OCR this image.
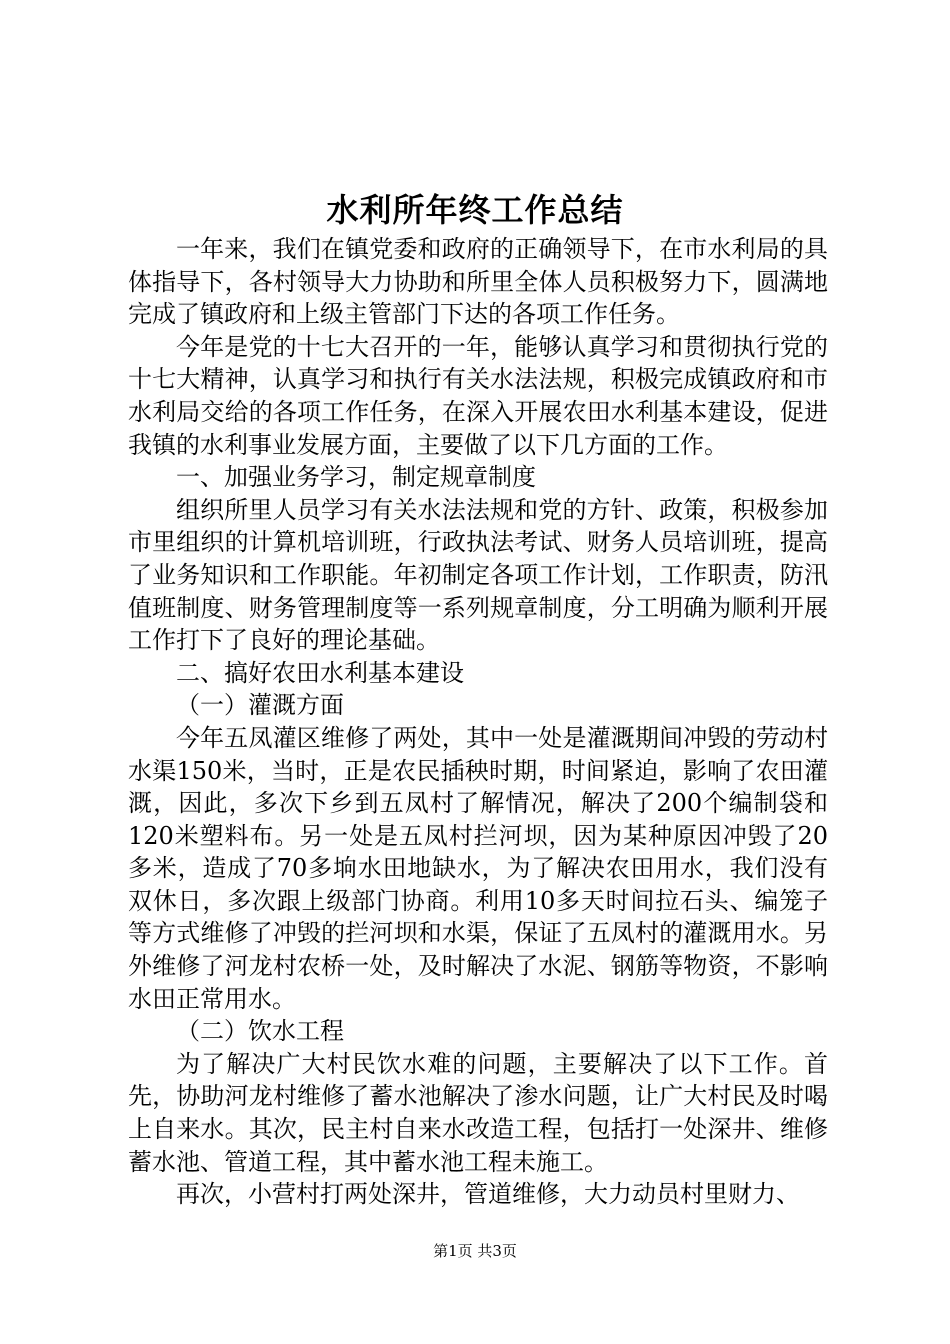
水利所年终工作总结

一年来，我们在镇党委和政府的正确领导下，在市水利局的具体指导下，各村领导大力协助和所里全体人员积极努力下，圆满地完成了镇政府和上级主管部门下达的各项工作任务。

今年是党的十七大召开的一年，能够认真学习和贯彻执行党的十七大精神，认真学习和执行有关水法法规，积极完成镇政府和市水利局交给的各项工作任务，在深入开展农田水利基本建设，促进我镇的水利事业发展方面，主要做了以下几方面的工作。

一、加强业务学习，制定规章制度

组织所里人员学习有关水法法规和党的方针、政策，积极参加市里组织的计算机培训班，行政执法考试、财务人员培训班，提高了业务知识和工作职能。年初制定各项工作计划，工作职责，防汛值班制度、财务管理制度等一系列规章制度，分工明确为顺利开展工作打下了良好的理论基础。

二、搞好农田水利基本建设

（一）灌溉方面

今年五凤灌区维修了两处，其中一处是灌溉期间冲毁的劳动村水渠150米，当时，正是农民插秧时期，时间紧迫，影响了农田灌溉，因此，多次下乡到五凤村了解情况，解决了200个编制袋和120米塑料布。另一处是五凤村拦河坝，因为某种原因冲毁了20多米，造成了70多垧水田地缺水，为了解决农田用水，我们没有双休日，多次跟上级部门协商。利用10多天时间拉石头、编笼子等方式维修了冲毁的拦河坝和水渠，保证了五凤村的灌溉用水。另外维修了河龙村农桥一处，及时解决了水泥、钢筋等物资，不影响水田正常用水。

（二）饮水工程

为了解决广大村民饮水难的问题，主要解决了以下工作。首先，协助河龙村维修了蓄水池解决了渗水问题，让广大村民及时喝上自来水。其次，民主村自来水改造工程，包括打一处深井、维修蓄水池、管道工程，其中蓄水池工程未施工。

再次，小营村打两处深井，管道维修，大力动员村里财力、

第1页 共3页
